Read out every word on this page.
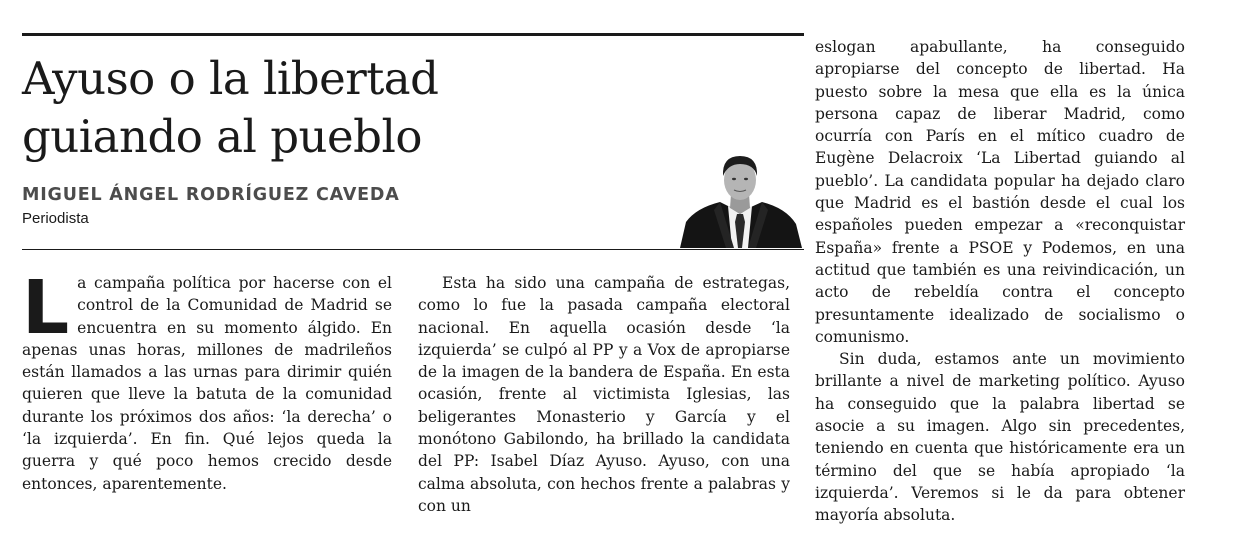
Ayuso o la libertad
guiando al pueblo
MIGUEL ÁNGEL RODRÍGUEZ CAVEDA
Periodista

La campaña política por hacerse con el control de la Comunidad de Madrid se encuentra en su momento álgido. En apenas unas horas, millones de madrileños están llamados a las urnas para dirimir quién quieren que lleve la batuta de la comunidad durante los próximos dos años: ‘la derecha’ o ‘la izquierda’. En fin. Qué lejos queda la guerra y qué poco hemos crecido desde entonces, aparentemente.

Esta ha sido una campaña de estrategas, como lo fue la pasada campaña electoral nacional. En aquella ocasión desde ‘la izquierda’ se culpó al PP y a Vox de apropiarse de la imagen de la bandera de España. En esta ocasión, frente al victimista Iglesias, las beligerantes Monasterio y García y el monótono Gabilondo, ha brillado la candidata del PP: Isabel Díaz Ayuso. Ayuso, con una calma absoluta, con hechos frente a palabras y con un

eslogan apabullante, ha conseguido apropiarse del concepto de libertad. Ha puesto sobre la mesa que ella es la única persona capaz de liberar Madrid, como ocurría con París en el mítico cuadro de Eugène Delacroix ‘La Libertad guiando al pueblo’. La candidata popular ha dejado claro que Madrid es el bastión desde el cual los españoles pueden empezar a «reconquistar España» frente a PSOE y Podemos, en una actitud que también es una reivindicación, un acto de rebeldía contra el concepto presuntamente idealizado de socialismo o comunismo.

Sin duda, estamos ante un movimiento brillante a nivel de marketing político. Ayuso ha conseguido que la palabra libertad se asocie a su imagen. Algo sin precedentes, teniendo en cuenta que históricamente era un término del que se había apropiado ‘la izquierda’. Veremos si le da para obtener mayoría absoluta.
